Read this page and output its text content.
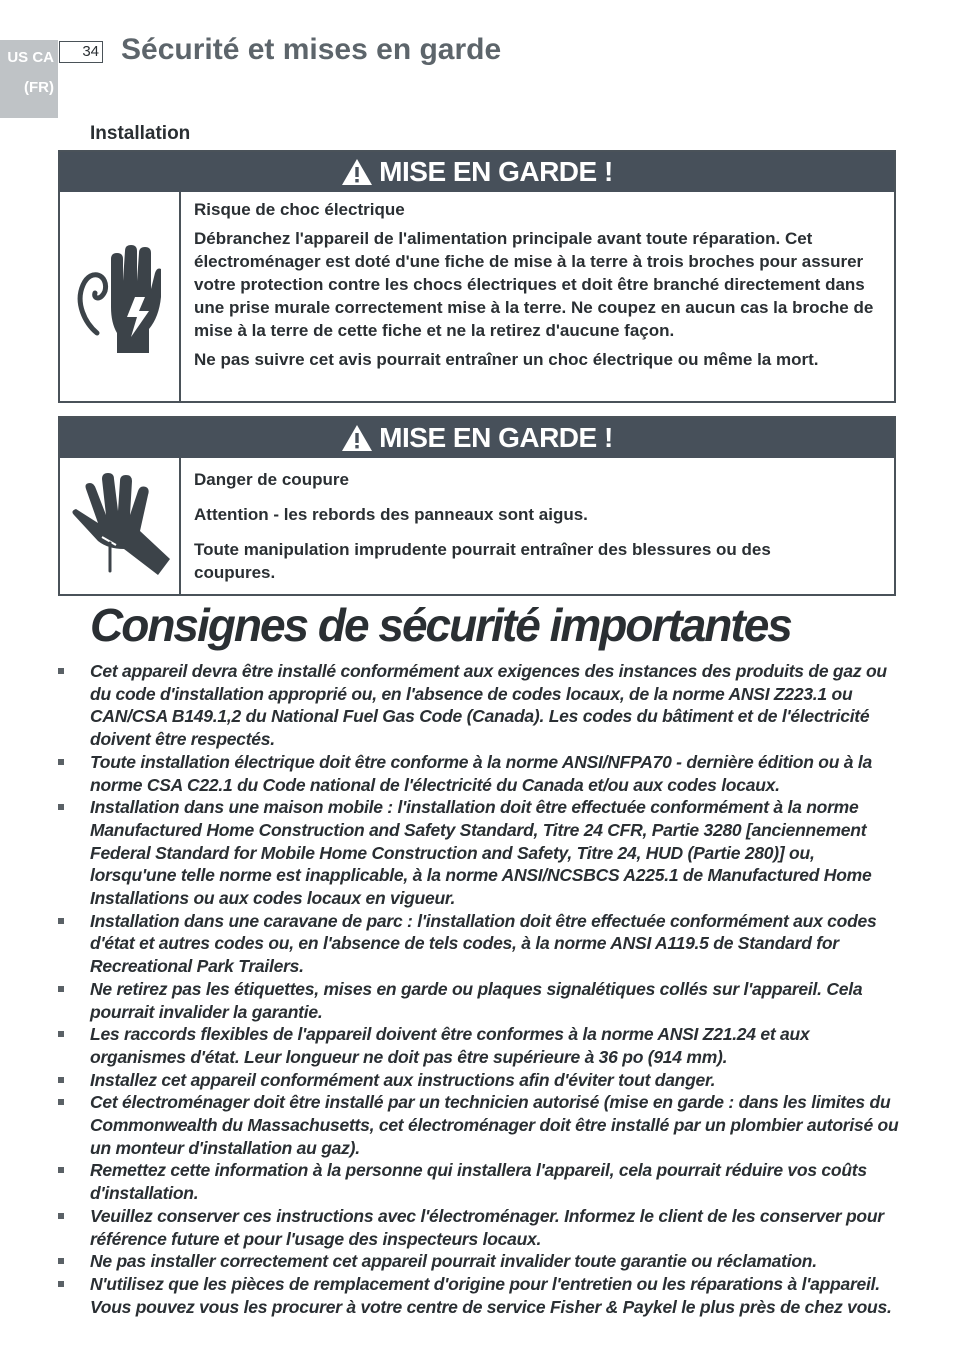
US CA
(FR)
34 Sécurité et mises en garde
Installation
MISE EN GARDE !

Risque de choc électrique

Débranchez l'appareil de l'alimentation principale avant toute réparation. Cet électroménager est doté d'une fiche de mise à la terre à trois broches pour assurer votre protection contre les chocs électriques et doit être branché directement dans une prise murale correctement mise à la terre. Ne coupez en aucun cas la broche de mise à la terre de cette fiche et ne la retirez d'aucune façon.

Ne pas suivre cet avis pourrait entraîner un choc électrique ou même la mort.

MISE EN GARDE !

Danger de coupure

Attention - les rebords des panneaux sont aigus.

Toute manipulation imprudente pourrait entraîner des blessures ou des coupures.

Consignes de sécurité importantes
Cet appareil devra être installé conformément aux exigences des instances des produits de gaz ou du code d'installation approprié ou, en l'absence de codes locaux, de la norme ANSI Z223.1 ou CAN/CSA B149.1,2 du National Fuel Gas Code (Canada). Les codes du bâtiment et de l'électricité doivent être respectés.
Toute installation électrique doit être conforme à la norme ANSI/NFPA70 - dernière édition ou à la norme CSA C22.1 du Code national de l'électricité du Canada et/ou aux codes locaux.
Installation dans une maison mobile : l'installation doit être effectuée conformément à la norme Manufactured Home Construction and Safety Standard, Titre 24 CFR, Partie 3280 [anciennement Federal Standard for Mobile Home Construction and Safety, Titre 24, HUD (Partie 280)] ou, lorsqu'une telle norme est inapplicable, à la norme ANSI/NCSBCS A225.1 de Manufactured Home Installations ou aux codes locaux en vigueur.
Installation dans une caravane de parc : l'installation doit être effectuée conformément aux codes d'état et autres codes ou, en l'absence de tels codes, à la norme ANSI A119.5 de Standard for Recreational Park Trailers.
Ne retirez pas les étiquettes, mises en garde ou plaques signalétiques collés sur l'appareil. Cela pourrait invalider la garantie.
Les raccords flexibles de l'appareil doivent être conformes à la norme ANSI Z21.24 et aux organismes d'état. Leur longueur ne doit pas être supérieure à 36 po (914 mm).
Installez cet appareil conformément aux instructions afin d'éviter tout danger.
Cet électroménager doit être installé par un technicien autorisé (mise en garde : dans les limites du Commonwealth du Massachusetts, cet électroménager doit être installé par un plombier autorisé ou un monteur d'installation au gaz).
Remettez cette information à la personne qui installera l'appareil, cela pourrait réduire vos coûts d'installation.
Veuillez conserver ces instructions avec l'électroménager. Informez le client de les conserver pour référence future et pour l'usage des inspecteurs locaux.
Ne pas installer correctement cet appareil pourrait invalider toute garantie ou réclamation.
N'utilisez que les pièces de remplacement d'origine pour l'entretien ou les réparations à l'appareil. Vous pouvez vous les procurer à votre centre de service Fisher & Paykel le plus près de chez vous.
